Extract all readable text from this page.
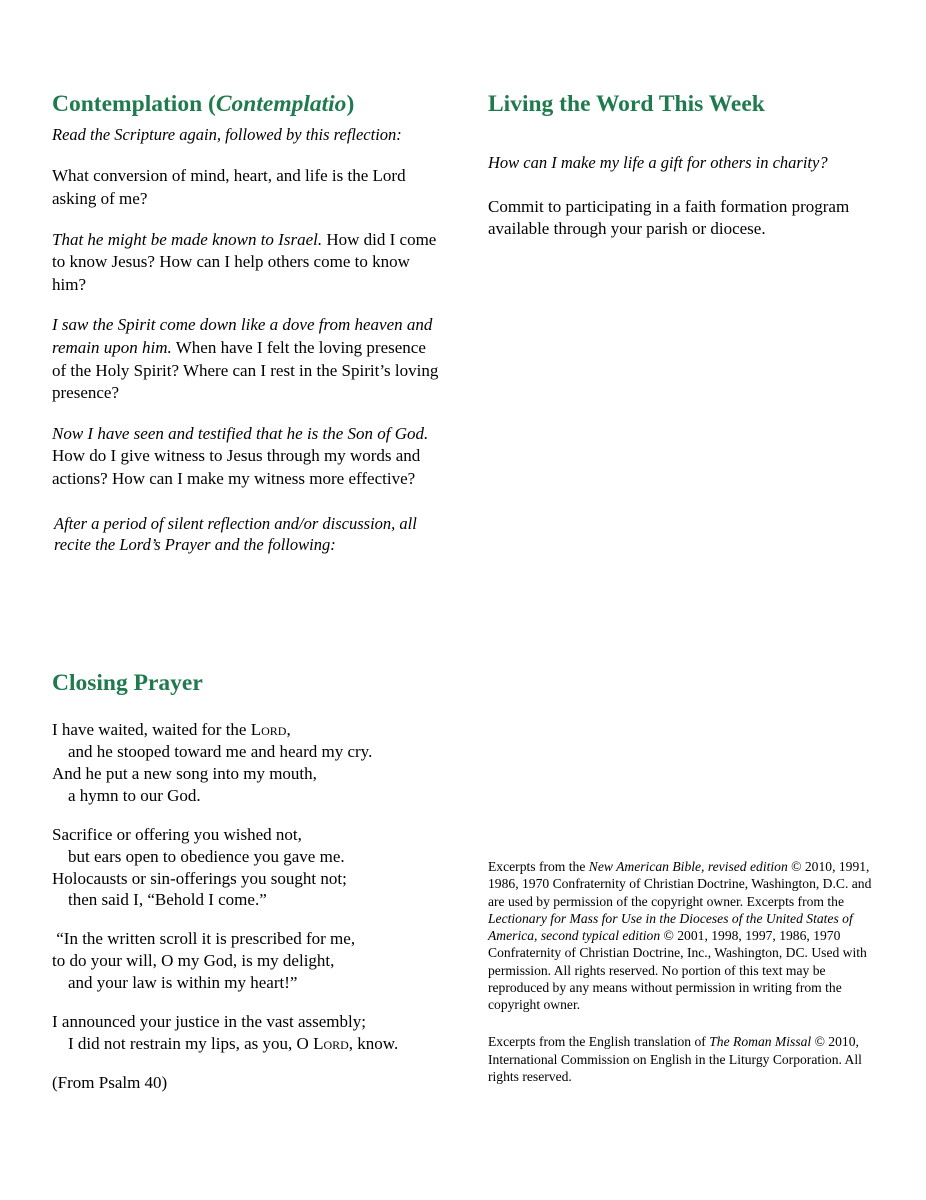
Contemplation (Contemplatio)

Read the Scripture again, followed by this reflection:

What conversion of mind, heart, and life is the Lord asking of me?

That he might be made known to Israel. How did I come to know Jesus? How can I help others come to know him?

I saw the Spirit come down like a dove from heaven and remain upon him. When have I felt the loving presence of the Holy Spirit? Where can I rest in the Spirit’s loving presence?

Now I have seen and testified that he is the Son of God. How do I give witness to Jesus through my words and actions? How can I make my witness more effective?

After a period of silent reflection and/or discussion, all recite the Lord’s Prayer and the following:

Living the Word This Week

How can I make my life a gift for others in charity?

Commit to participating in a faith formation program available through your parish or diocese.

Closing Prayer
I have waited, waited for the Lord,
and he stooped toward me and heard my cry.
And he put a new song into my mouth,
a hymn to our God.
Sacrifice or offering you wished not,
but ears open to obedience you gave me.
Holocausts or sin-offerings you sought not;
then said I, “Behold I come.”
“In the written scroll it is prescribed for me,
to do your will, O my God, is my delight,
and your law is within my heart!”
I announced your justice in the vast assembly;
I did not restrain my lips, as you, O Lord, know.

(From Psalm 40)

Excerpts from the New American Bible, revised edition © 2010, 1991, 1986, 1970 Confraternity of Christian Doctrine, Washington, D.C. and are used by permission of the copyright owner. Excerpts from the Lectionary for Mass for Use in the Dioceses of the United States of America, second typical edition © 2001, 1998, 1997, 1986, 1970 Confraternity of Christian Doctrine, Inc., Washington, DC. Used with permission. All rights reserved. No portion of this text may be reproduced by any means without permission in writing from the copyright owner.

Excerpts from the English translation of The Roman Missal © 2010, International Commission on English in the Liturgy Corporation. All rights reserved.
